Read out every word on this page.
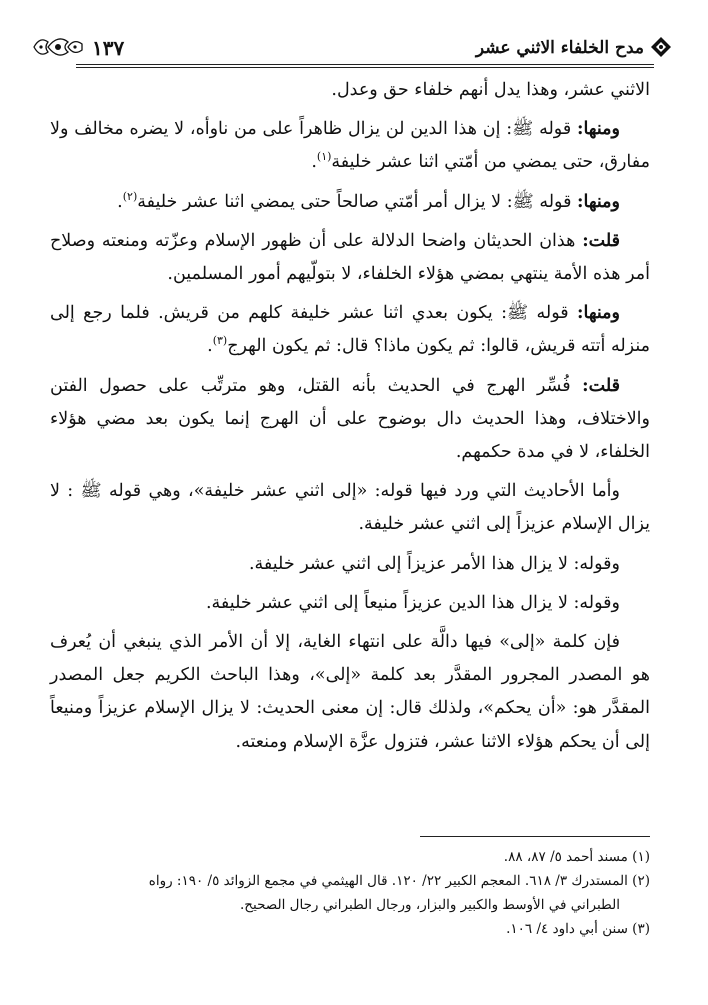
مدح الخلفاء الاثني عشر
١٣٧

الاثني عشر، وهذا يدل أنهم خلفاء حق وعدل.

ومنها: قوله ﷺ: إن هذا الدين لن يزال ظاهراً على من ناوأه، لا يضره مخالف ولا مفارق، حتى يمضي من أمّتي اثنا عشر خليفة$^{(١)}$.

ومنها: قوله ﷺ: لا يزال أمر أمّتي صالحاً حتى يمضي اثنا عشر خليفة$^{(٢)}$.

قلت: هذان الحديثان واضحا الدلالة على أن ظهور الإسلام وعزّته ومنعته وصلاح أمر هذه الأمة ينتهي بمضي هؤلاء الخلفاء، لا بتولّيهم أمور المسلمين.

ومنها: قوله ﷺ: يكون بعدي اثنا عشر خليفة كلهم من قريش. فلما رجع إلى منزله أتته قريش، قالوا: ثم يكون ماذا؟ قال: ثم يكون الهرج$^{(٣)}$.

قلت: فُسِّر الهرج في الحديث بأنه القتل، وهو مترتِّب على حصول الفتن والاختلاف، وهذا الحديث دال بوضوح على أن الهرج إنما يكون بعد مضي هؤلاء الخلفاء، لا في مدة حكمهم.

وأما الأحاديث التي ورد فيها قوله: «إلى اثني عشر خليفة»، وهي قوله ﷺ : لا يزال الإسلام عزيزاً إلى اثني عشر خليفة.

وقوله: لا يزال هذا الأمر عزيزاً إلى اثني عشر خليفة.

وقوله: لا يزال هذا الدين عزيزاً منيعاً إلى اثني عشر خليفة.

فإن كلمة «إلى» فيها دالَّة على انتهاء الغاية، إلا أن الأمر الذي ينبغي أن يُعرف هو المصدر المجرور المقدَّر بعد كلمة «إلى»، وهذا الباحث الكريم جعل المصدر المقدَّر هو: «أن يحكم»، ولذلك قال: إن معنى الحديث: لا يزال الإسلام عزيزاً ومنيعاً إلى أن يحكم هؤلاء الاثنا عشر، فتزول عزَّة الإسلام ومنعته.

(١) مسند أحمد ٥/ ٨٧، ٨٨.

(٢) المستدرك ٣/ ٦١٨. المعجم الكبير ٢٢/ ١٢٠. قال الهيثمي في مجمع الزوائد ٥/ ١٩٠: رواه

الطبراني في الأوسط والكبير والبزار، ورجال الطبراني رجال الصحيح.

(٣) سنن أبي داود ٤/ ١٠٦.
